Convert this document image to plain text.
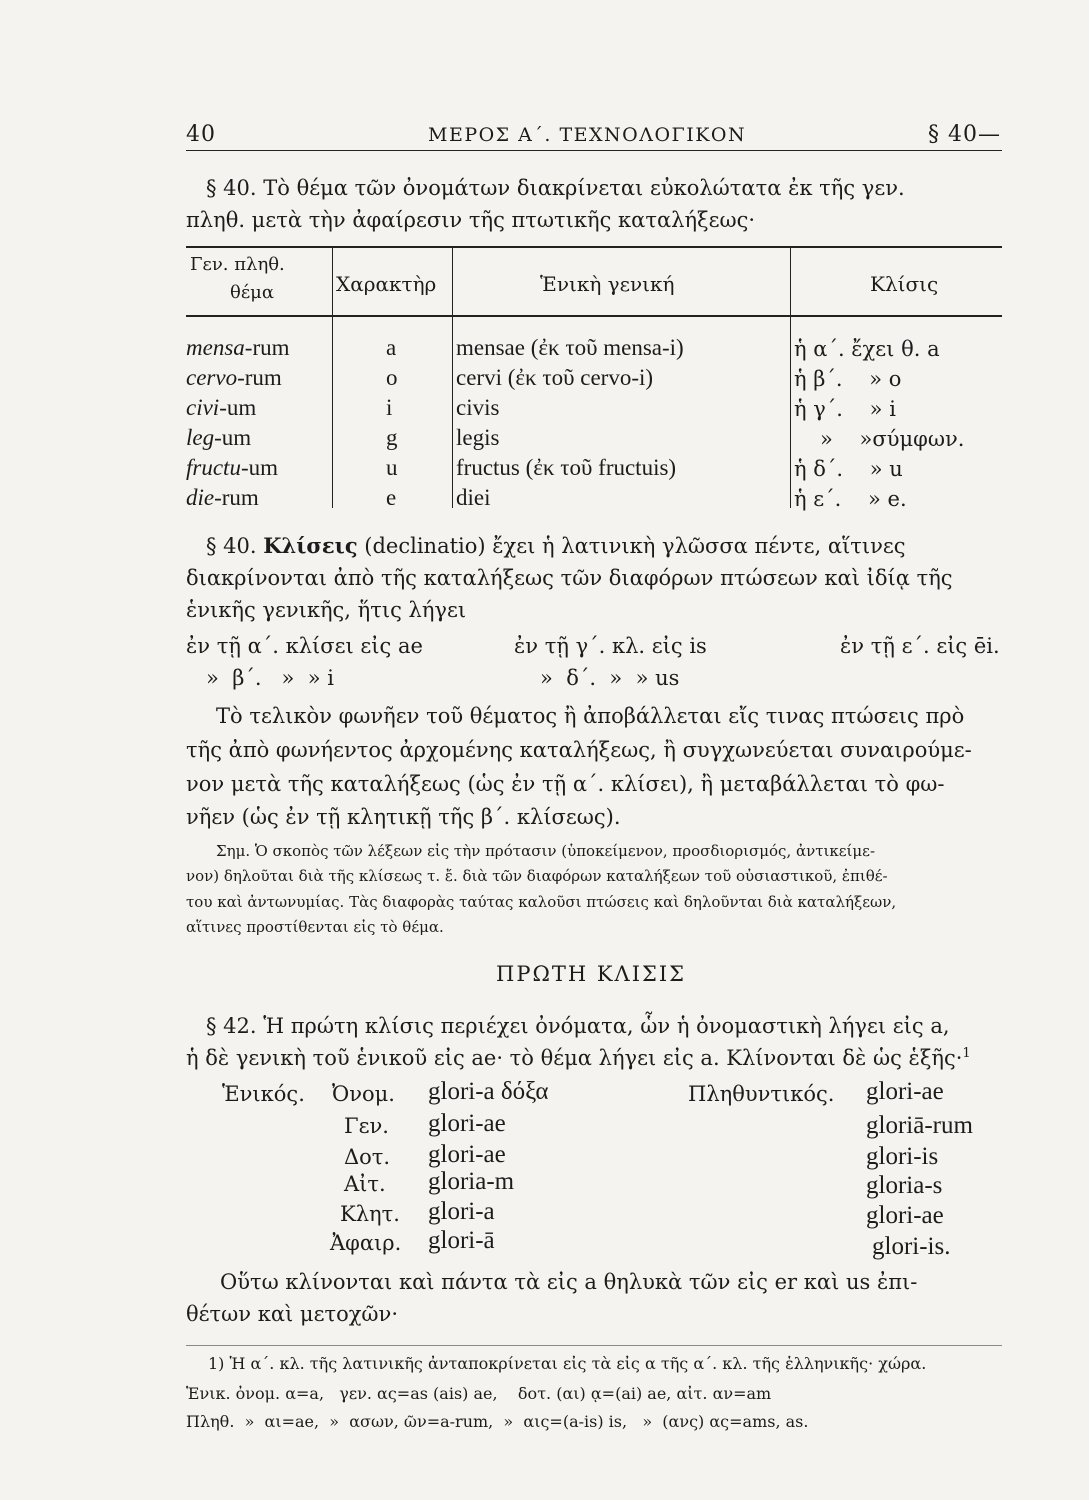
40	ΜΕΡΟΣ Α΄. ΤΕΧΝΟΛΟΓΙΚΟΝ	§ 40—
§ 40. Τὸ θέμα τῶν ὀνομάτων διακρίνεται εὐκολώτατα ἐκ τῆς γεν.
πληθ. μετὰ τὴν ἀφαίρεσιν τῆς πτωτικῆς καταλήξεως·
Γεν. πληθ.
θέμα	Χαρακτὴρ	Ἑνικὴ γενική	Κλίσις
mensa-rum	a	mensae (ἐκ τοῦ mensa-i)	ἡ α΄. ἔχει θ. a
cervo-rum	o	cervi (ἐκ τοῦ cervo-i)	ἡ β΄.    » o
civi-um	i	civis	ἡ γ΄.    » i
leg-um	g	legis	»    »σύμφων.
fructu-um	u	fructus (ἐκ τοῦ fructuis)	ἡ δ΄.    » u
die-rum	e	diei	ἡ ε΄.    » e.
§ 40. Κλίσεις (declinatio) ἔχει ἡ λατινικὴ γλῶσσα πέντε, αἵτινες
διακρίνονται ἀπὸ τῆς καταλήξεως τῶν διαφόρων πτώσεων καὶ ἰδίᾳ τῆς
ἑνικῆς γενικῆς, ἥτις λήγει
ἐν τῇ α΄. κλίσει εἰς ae	ἐν τῇ γ΄. κλ. εἰς is	ἐν τῇ ε΄. εἰς ēi.
»  β΄.   »  » i	»  δ΄.  »  » us
Τὸ τελικὸν φωνῆεν τοῦ θέματος ἢ ἀποβάλλεται εἴς τινας πτώσεις πρὸ
τῆς ἀπὸ φωνήεντος ἀρχομένης καταλήξεως, ἢ συγχωνεύεται συναιρούμε-
νον μετὰ τῆς καταλήξεως (ὡς ἐν τῇ α΄. κλίσει), ἢ μεταβάλλεται τὸ φω-
νῆεν (ὡς ἐν τῇ κλητικῇ τῆς β΄. κλίσεως).
Σημ. Ὁ σκοπὸς τῶν λέξεων εἰς τὴν πρότασιν (ὑποκείμενον, προσδιορισμός, ἀντικείμε-
νον) δηλοῦται διὰ τῆς κλίσεως τ. ἔ. διὰ τῶν διαφόρων καταλήξεων τοῦ οὐσιαστικοῦ, ἐπιθέ-
του καὶ ἀντωνυμίας. Τὰς διαφορὰς ταύτας καλοῦσι πτώσεις καὶ δηλοῦνται διὰ καταλήξεων,
αἵτινες προστίθενται εἰς τὸ θέμα.
ΠΡΩΤΗ ΚΛΙΣΙΣ
§ 42. Ἡ πρώτη κλίσις περιέχει ὀνόματα, ὧν ἡ ὀνομαστικὴ λήγει εἰς a,
ἡ δὲ γενικὴ τοῦ ἑνικοῦ εἰς ae· τὸ θέμα λήγει εἰς a. Κλίνονται δὲ ὡς ἑξῆς·$^1$
Ἑνικός.	Πληθυντικός.
Ὀνομ. glori-a δόξα	glori-ae
Γεν. glori-ae	gloriā-rum
Δοτ. glori-ae	glori-is
Αἰτ. gloria-m	gloria-s
Κλητ. glori-a	glori-ae
Ἀφαιρ. glori-ā	glori-is.
Οὕτω κλίνονται καὶ πάντα τὰ εἰς a θηλυκὰ τῶν εἰς er καὶ us ἐπι-
θέτων καὶ μετοχῶν·
1) Ἡ α΄. κλ. τῆς λατινικῆς ἀνταποκρίνεται εἰς τὰ εἰς α τῆς α΄. κλ. τῆς ἑλληνικῆς· χώρα.
Ἑνικ. ὀνομ. α=a,   γεν. ας=as (ais) ae,    δοτ. (αι) ᾳ=(ai) ae, αἰτ. αν=am
Πληθ.  »  αι=ae,  »  ασων, ῶν=a-rum,  »  αις=(a-is) is,   »  (ανς) ας=ams, as.
